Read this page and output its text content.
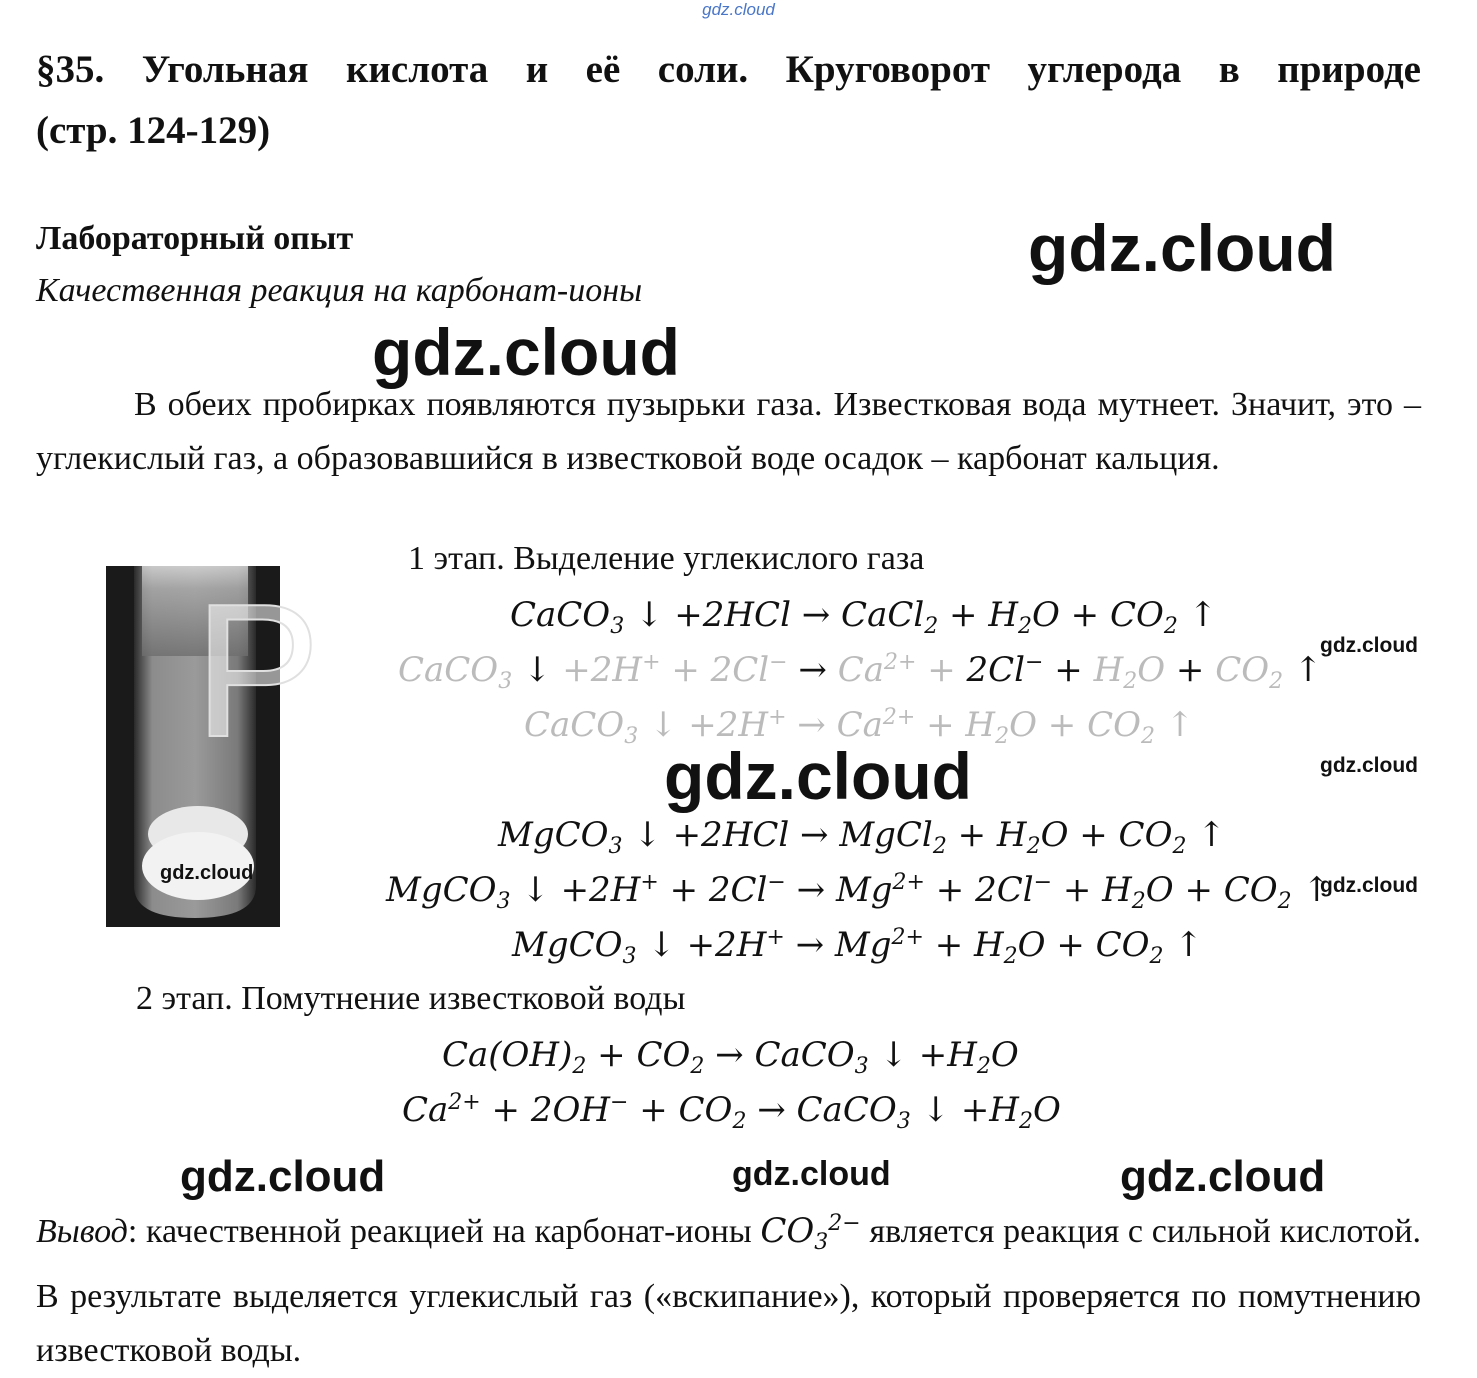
gdz.cloud
§35. Угольная кислота и её соли. Круговорот углерода в природе
(стр. 124-129)
Лабораторный опыт
Качественная реакция на карбонат-ионы
gdz.cloud
gdz.cloud
В обеих пробирках появляются пузырьки газа. Известковая вода мутнеет. Значит, это – углекислый газ, а образовавшийся в известковой воде осадок – карбонат кальция.
P
gdz.cloud
1 этап. Выделение углекислого газа
CaCO$_3$ ↓ +2HCl → CaCl$_2$ + $H_2O + CO_2$ ↑
CaCO$_3$ ↓ $+2H^+ + 2Cl^- \to Ca^{2+} + 2Cl^- + H_2O + CO_2$ ↑
CaCO$_3$ ↓ $+2H^+ \to Ca^{2+} + H_2O + CO_2$ ↑
gdz.cloud
MgCO$_3$ ↓ +2HCl → MgCl$_2$ + $H_2O + CO_2$ ↑
MgCO$_3$ ↓ $+2H^+ + 2Cl^- \to Mg^{2+} + 2Cl^- + H_2O + CO_2$ ↑
MgCO$_3$ ↓ $+2H^+ \to Mg^{2+} + H_2O + CO_2$ ↑
gdz.cloud
gdz.cloud
gdz.cloud
2 этап. Помутнение известковой воды
$Ca(OH)_2 + CO_2$ → CaCO$_3$ ↓ $+H_2O$
$Ca^{2+} + 2OH^- + CO_2$ → CaCO$_3$ ↓ $+H_2O$
gdz.cloud	gdz.cloud	gdz.cloud
Вывод: качественной реакцией на карбонат-ионы $CO_3^{2-}$ является реакция с сильной кислотой. В результате выделяется углекислый газ («вскипание»), который проверяется по помутнению известковой воды.
